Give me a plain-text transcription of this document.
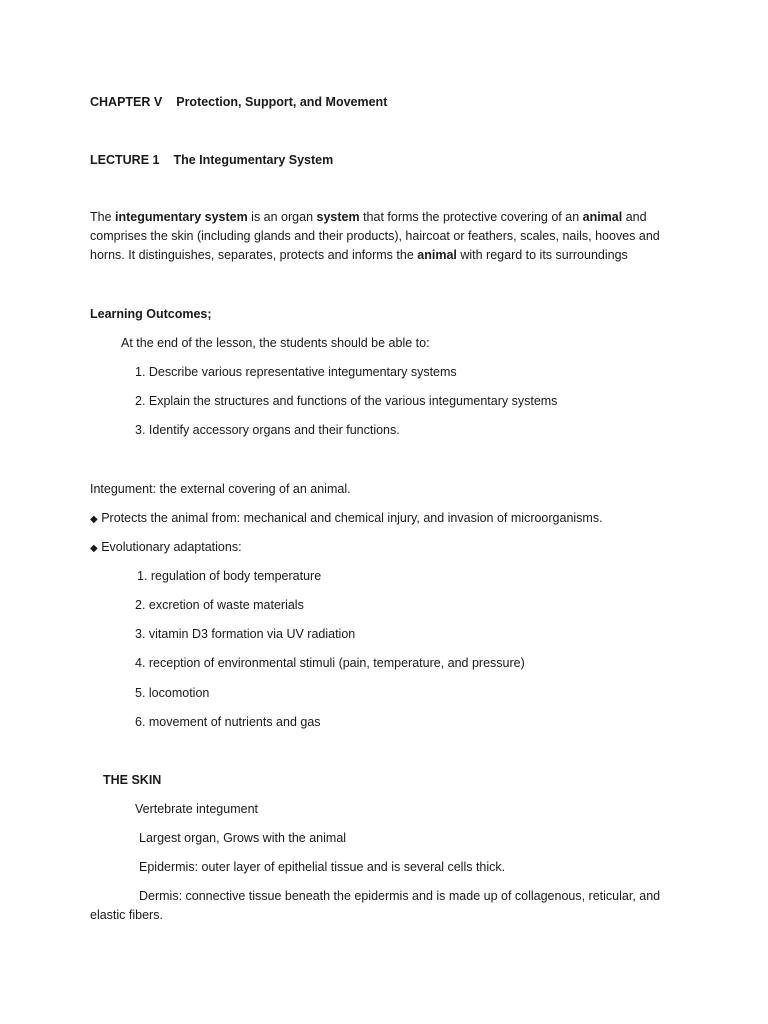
CHAPTER V Protection, Support, and Movement
LECTURE 1 The Integumentary System
The integumentary system is an organ system that forms the protective covering of an animal and comprises the skin (including glands and their products), haircoat or feathers, scales, nails, hooves and horns. It distinguishes, separates, protects and informs the animal with regard to its surroundings
Learning Outcomes;
At the end of the lesson, the students should be able to:
1. Describe various representative integumentary systems
2. Explain the structures and functions of the various integumentary systems
3. Identify accessory organs and their functions.
Integument: the external covering of an animal.
◆ Protects the animal from: mechanical and chemical injury, and invasion of microorganisms.
◆ Evolutionary adaptations:
1. regulation of body temperature
2. excretion of waste materials
3. vitamin D3 formation via UV radiation
4. reception of environmental stimuli (pain, temperature, and pressure)
5. locomotion
6. movement of nutrients and gas
THE SKIN
Vertebrate integument
Largest organ, Grows with the animal
Epidermis: outer layer of epithelial tissue and is several cells thick.
Dermis: connective tissue beneath the epidermis and is made up of collagenous, reticular, and
elastic fibers.
